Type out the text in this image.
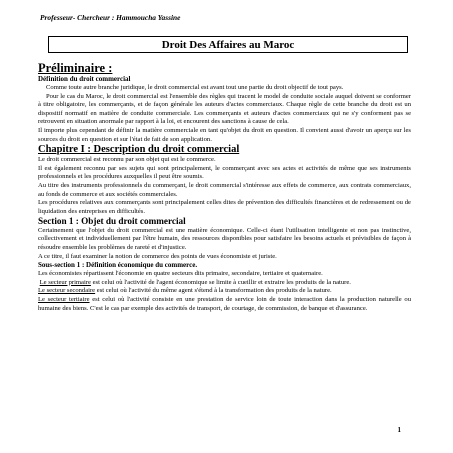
Professeur- Chercheur : Hammoucha Yassine
Droit Des Affaires au Maroc

Préliminaire :

Définition du droit commercial

Comme toute autre branche juridique, le droit commercial est avant tout une partie du droit objectif de tout pays.

Pour le cas du Maroc, le droit commercial est l'ensemble des règles qui tracent le model de conduite sociale auquel doivent se conformer à titre obligatoire, les commerçants, et de façon générale les auteurs d'actes commerciaux. Chaque règle de cette branche du droit est un dispositif normatif en matière de conduite commerciale. Les commerçants et auteurs d'actes commerciaux qui ne s'y conforment pas se retrouvent en situation anormale par rapport à la loi, et encourent des sanctions à cause de cela.

Il importe plus cependant de définir la matière commerciale en tant qu'objet du droit en question. Il convient aussi d'avoir un aperçu sur les sources du droit en question et sur l'état de fait de son application.

Chapitre I : Description du droit commercial

Le droit commercial est reconnu par son objet qui est le commerce.

Il est également reconnu par ses sujets qui sont principalement, le commerçant avec ses actes et activités de même que ses instruments professionnels et les procédures auxquelles il peut être soumis.

Au titre des instruments professionnels du commerçant, le droit commercial s'intéresse aux effets de commerce, aux contrats commerciaux, au fonds de commerce et aux sociétés commerciales.

Les procédures relatives aux commerçants sont principalement celles dites de prévention des difficultés financières et de redressement ou de liquidation des entreprises en difficultés.

Section 1 : Objet du droit commercial

Certainement que l'objet du droit commercial est une matière économique. Celle-ci étant l'utilisation intelligente et non pas instinctive, collectivement et individuellement par l'être humain, des ressources disponibles pour satisfaire les besoins actuels et prévisibles de façon à résoudre ensemble les problèmes de rareté et d'injustice.

A ce titre, il faut examiner la notion de commerce des points de vues économiste et juriste.

Sous-section 1 : Définition économique du commerce.

Les économistes répartissent l'économie en quatre secteurs dits primaire, secondaire, tertiaire et quaternaire.

Le secteur primaire est celui où l'activité de l'agent économique se limite à cueillir et extraire les produits de la nature.

Le secteur secondaire est celui où l'activité du même agent s'étend à la transformation des produits de la nature.

Le secteur tertiaire est celui où l'activité consiste en une prestation de service loin de toute interaction dans la production naturelle ou humaine des biens. C'est le cas par exemple des activités de transport, de courtage, de commission, de banque et d'assurance.

1
